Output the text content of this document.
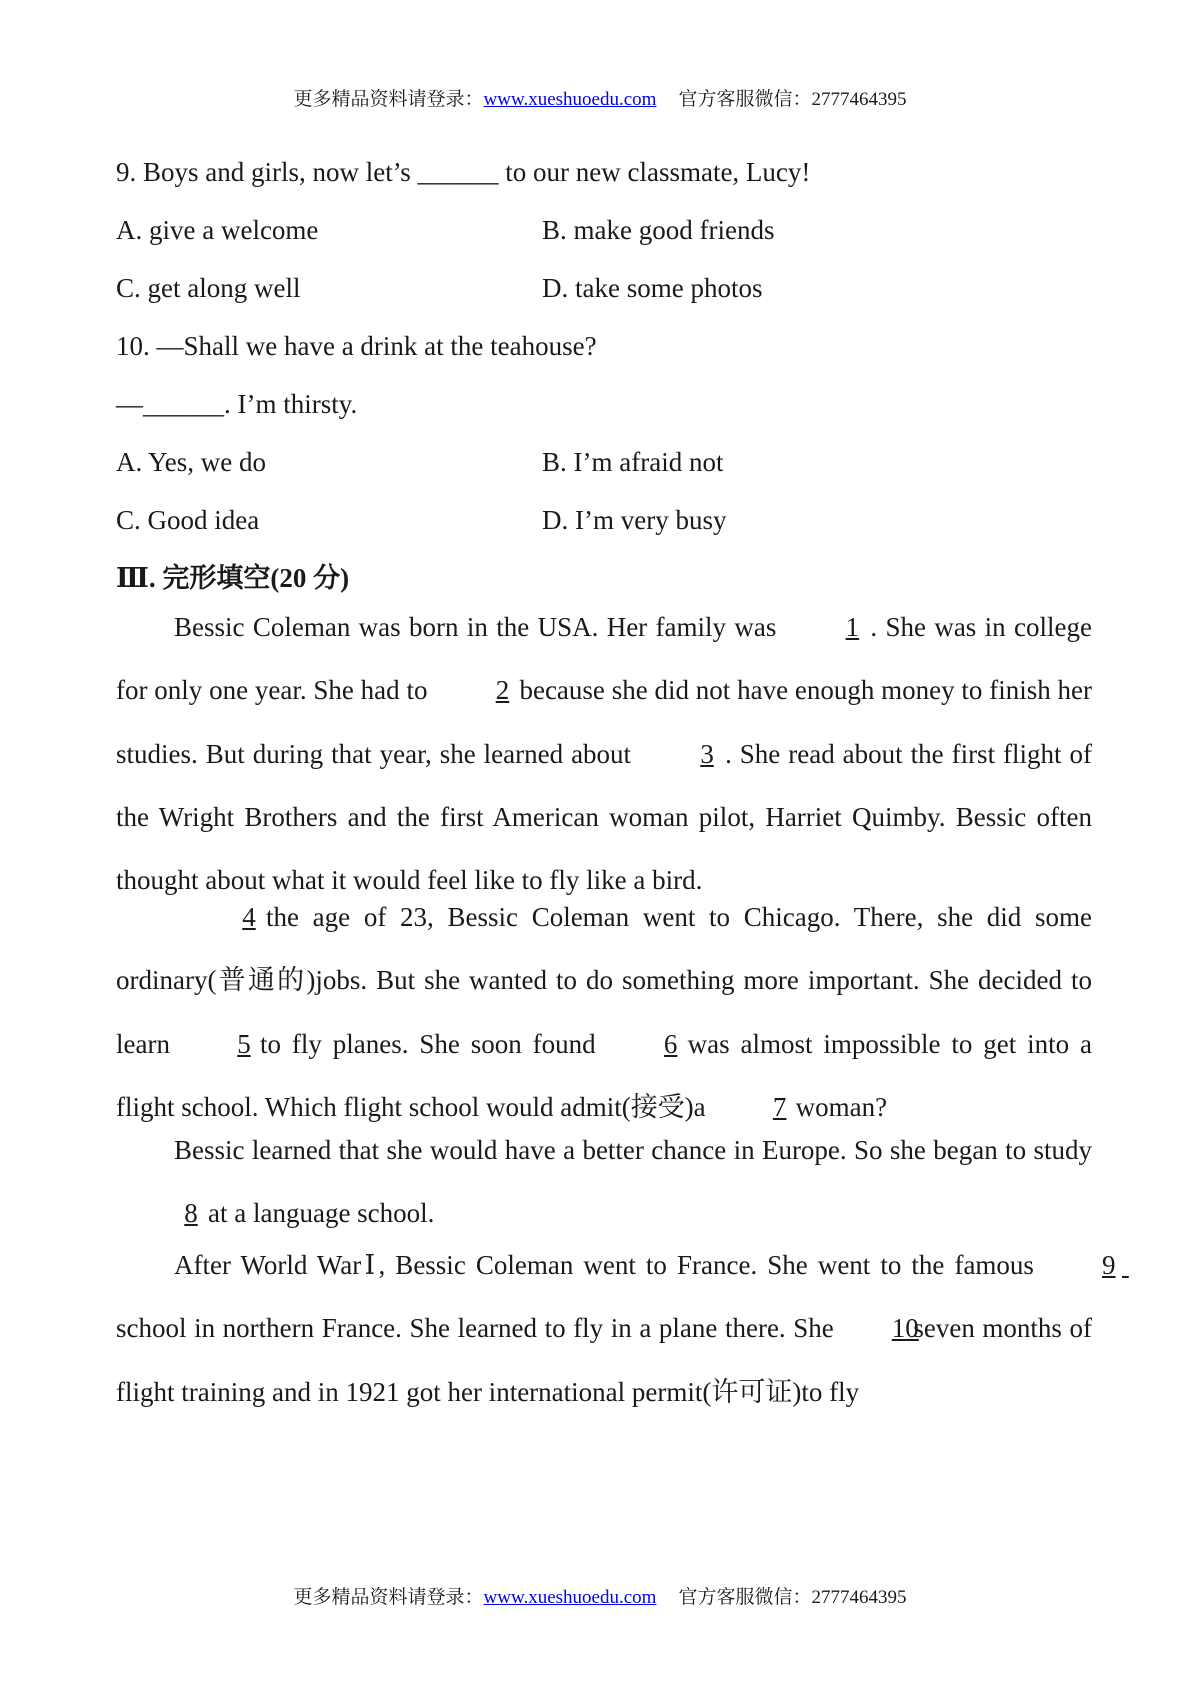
更多精品资料请登录：www.xueshuoedu.com 官方客服微信：2777464395
9. Boys and girls, now let’s ______ to our new classmate, Lucy!
A. give a welcome	B. make good friends
C. get along well	D. take some photos
10. —Shall we have a drink at the teahouse?
—______. I’m thirsty.
A. Yes, we do	B. I’m afraid not
C. Good idea	D. I’m very busy
Ⅲ. 完形填空(20 分)
Bessic Coleman was born in the USA. Her family was	1 . She was in college for only one year. She had to	2 because she did not have enough money to finish her studies. But during that year, she learned about	3 . She read about the first flight of the Wright Brothers and the first American woman pilot, Harriet Quimby. Bessic often thought about what it would feel like to fly like a bird.
4 the age of 23, Bessic Coleman went to Chicago. There, she did some ordinary(普通的)jobs. But she wanted to do something more important. She decided to learn 5 to fly planes. She soon found	6 was almost impossible to get into a flight school. Which flight school would admit(接受)a 7 woman?
Bessic learned that she would have a better chance in Europe. So she began to study8 at a language school.
After World WarⅠ, Bessic Coleman went to France. She went to the famous	9 school in northern France. She learned to fly in a plane there. She 10 seven months of flight training and in 1921 got her international permit(许可证)to fly
更多精品资料请登录：www.xueshuoedu.com 官方客服微信：2777464395
